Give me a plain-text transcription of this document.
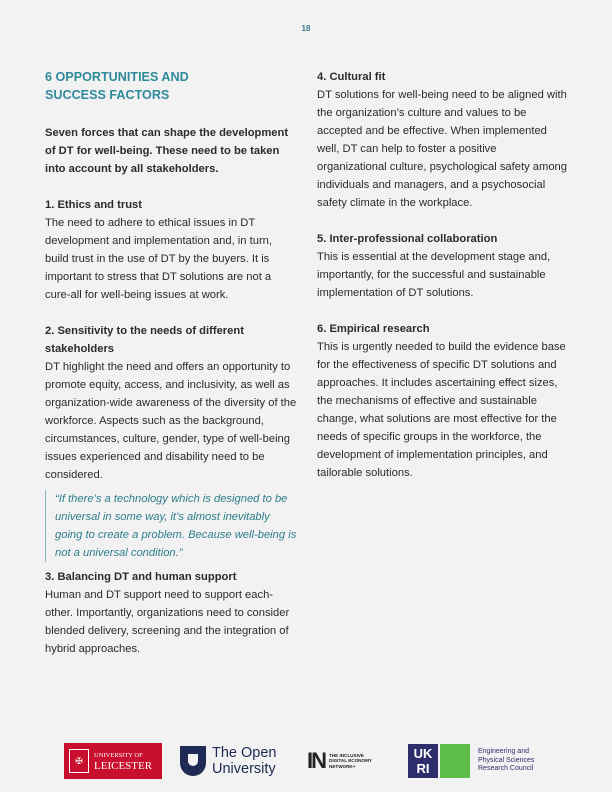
18
6 OPPORTUNITIES AND
SUCCESS FACTORS

Seven forces that can shape the development of DT for well-being. These need to be taken into account by all stakeholders.

1. Ethics and trust

The need to adhere to ethical issues in DT development and implementation and, in turn, build trust in the use of DT by the buyers. It is important to stress that DT solutions are not a cure-all for well-being issues at work.

2. Sensitivity to the needs of different stakeholders

DT highlight the need and offers an opportunity to promote equity, access, and inclusivity, as well as organization-wide awareness of the diversity of the workforce. Aspects such as the background, circumstances, culture, gender, type of well-being issues experienced and disability need to be considered.

“If there’s a technology which is designed to be universal in some way, it’s almost inevitably going to create a problem. Because well-being is not a universal condition.”

3. Balancing DT and human support

Human and DT support need to support each-other. Importantly, organizations need to consider blended delivery, screening and the integration of hybrid approaches.

4. Cultural fit

DT solutions for well-being need to be aligned with the organization’s culture and values to be accepted and be effective. When implemented well, DT can help to foster a positive organizational culture, psychological safety among individuals and managers, and a psychosocial safety climate in the workplace.

5. Inter-professional collaboration

This is essential at the development stage and, importantly, for the successful and sustainable implementation of DT solutions.

6. Empirical research

This is urgently needed to build the evidence base for the effectiveness of specific DT solutions and approaches. It includes ascertaining effect sizes, the mechanisms of effective and sustainable change, what solutions are most effective for the needs of specific groups in the workforce, the development of implementation principles, and tailorable solutions.

✠	UNIVERSITY OF
LEICESTER
The Open
University IN THE INCLUSIVE
DIGITAL ECONOMY
NETWORK+
UK RI
Engineering and
Physical Sciences
Research Council
